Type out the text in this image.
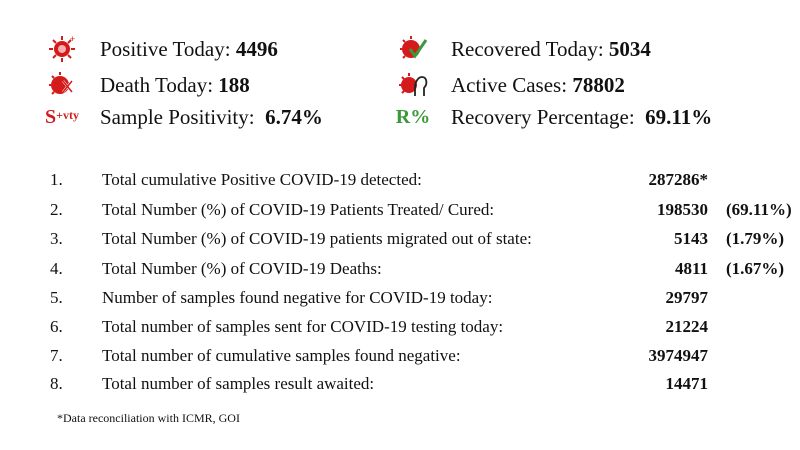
+ Positive Today:
4496
Death Today:
188
$S^{+vty}$ Sample Positivity:
6.74%
Recovered Today:
5034
Active Cases:
78802
R% Recovery Percentage:
69.11%
1. Total cumulative Positive COVID-19 detected:	287286*
2. Total Number (%) of COVID-19 Patients Treated/ Cured:	198530 (69.11%)
3. Total Number (%) of COVID-19 patients migrated out of state:	5143 (1.79%)
4. Total Number (%) of COVID-19 Deaths:	4811 (1.67%)
5. Number of samples found negative for COVID-19 today:	29797
6. Total number of samples sent for COVID-19 testing today:	21224
7. Total number of cumulative samples found negative:	3974947
8. Total number of samples result awaited:	14471
*Data reconciliation with ICMR, GOI
